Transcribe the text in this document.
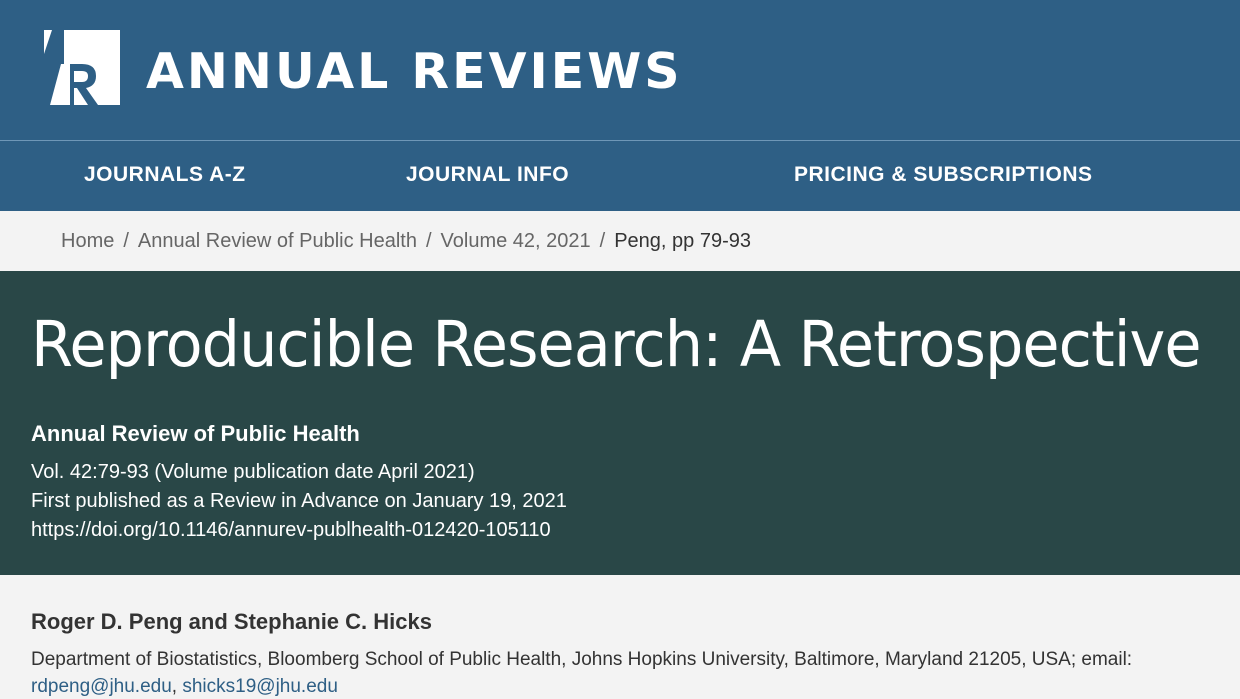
ANNUAL REVIEWS
JOURNALS A-Z	JOURNAL INFO	PRICING & SUBSCRIPTIONS
Home / Annual Review of Public Health / Volume 42, 2021 / Peng, pp 79-93
Reproducible Research: A Retrospective
Annual Review of Public Health
Vol. 42:79-93 (Volume publication date April 2021)
First published as a Review in Advance on January 19, 2021
https://doi.org/10.1146/annurev-publhealth-012420-105110
Roger D. Peng and Stephanie C. Hicks
Department of Biostatistics, Bloomberg School of Public Health, Johns Hopkins University, Baltimore, Maryland 21205, USA; email:
rdpeng@jhu.edu, shicks19@jhu.edu
